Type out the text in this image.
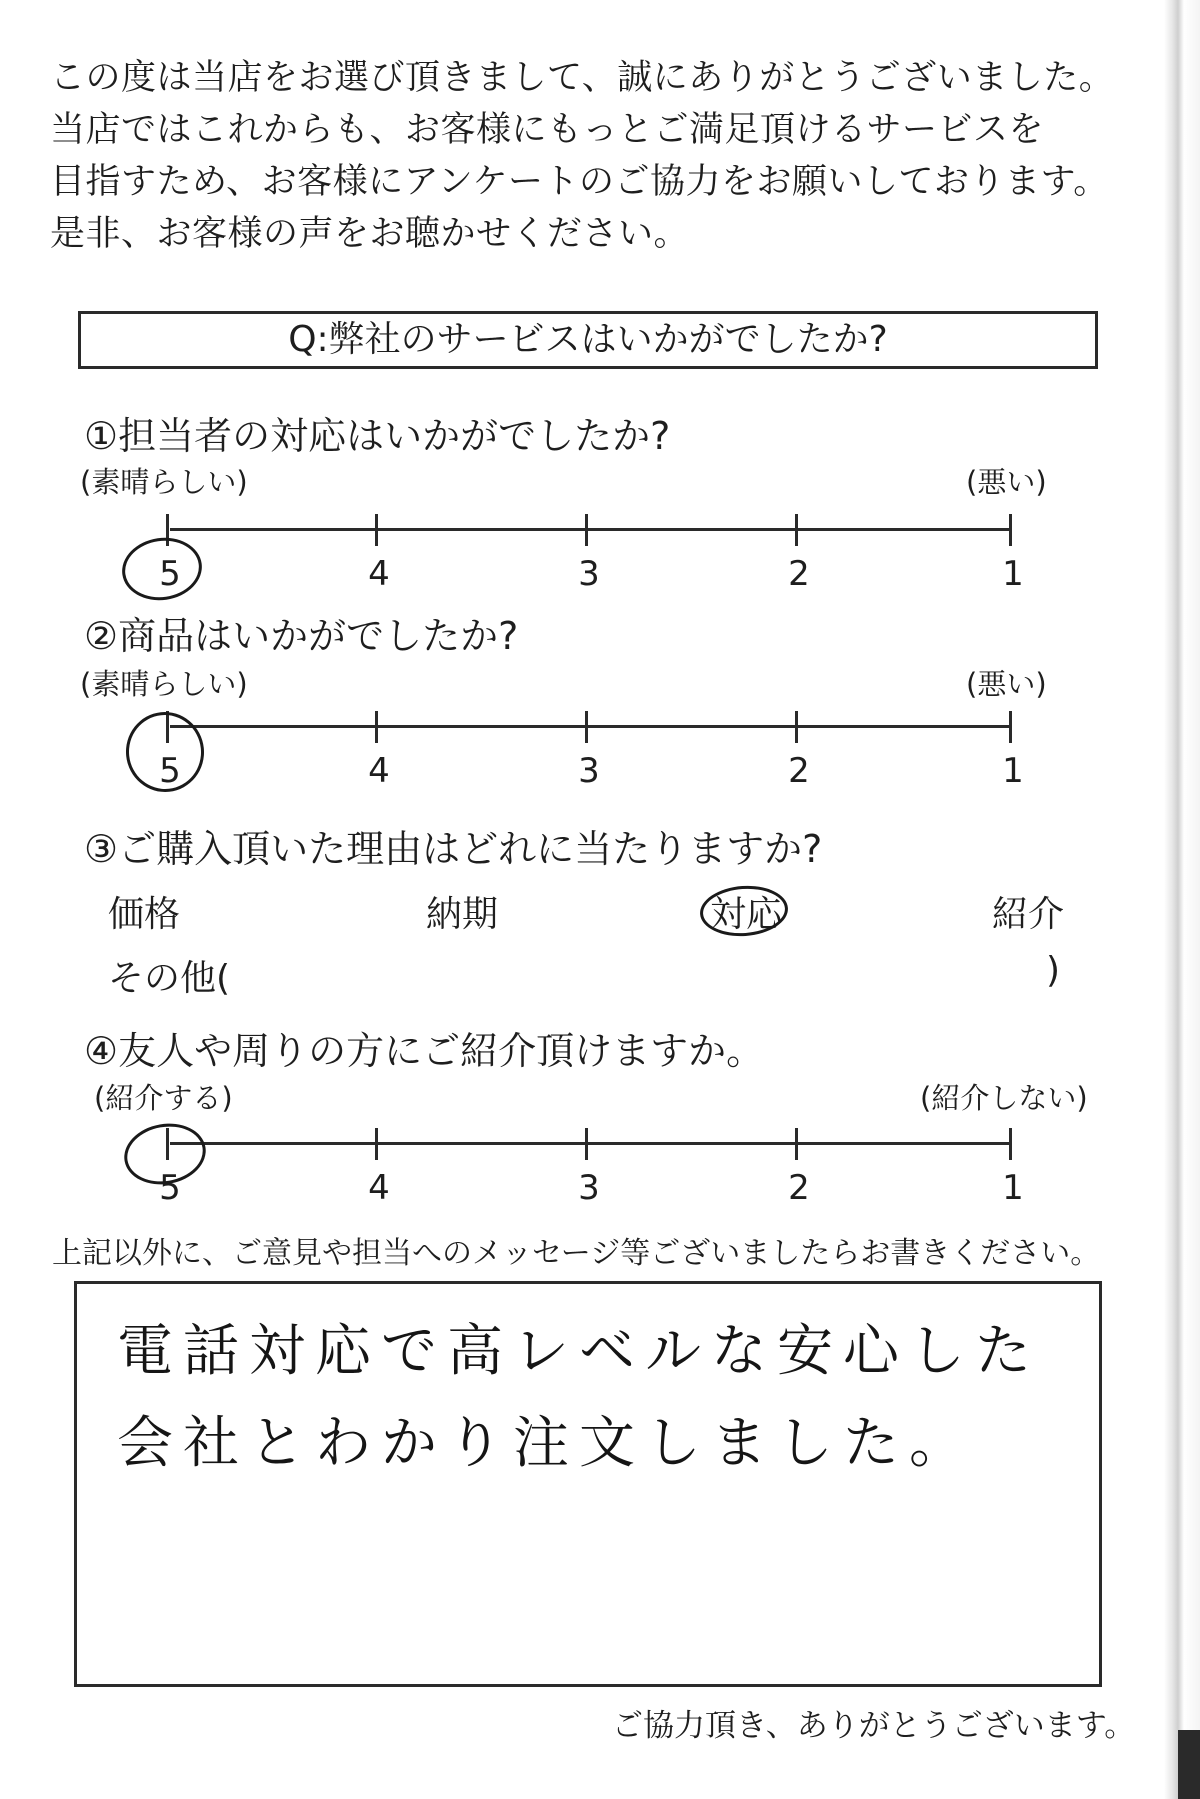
この度は当店をお選び頂きまして、誠にありがとうございました。
当店ではこれからも、お客様にもっとご満足頂けるサービスを
目指すため、お客様にアンケートのご協力をお願いしております。
是非、お客様の声をお聴かせください。
Q:弊社のサービスはいかがでしたか?
①担当者の対応はいかがでしたか?
(素晴らしい)	(悪い)
5	4	3	2	1
②商品はいかがでしたか?
(素晴らしい)	(悪い)
5	4	3	2	1
③ご購入頂いた理由はどれに当たりますか?
価格	納期	対応	紹介
その他(	)
④友人や周りの方にご紹介頂けますか。
(紹介する)	(紹介しない)
5	4	3	2	1
上記以外に、ご意見や担当へのメッセージ等ございましたらお書きください。
電話対応で高レベルな安心した
会社とわかり注文しました。
ご協力頂き、ありがとうございます。
